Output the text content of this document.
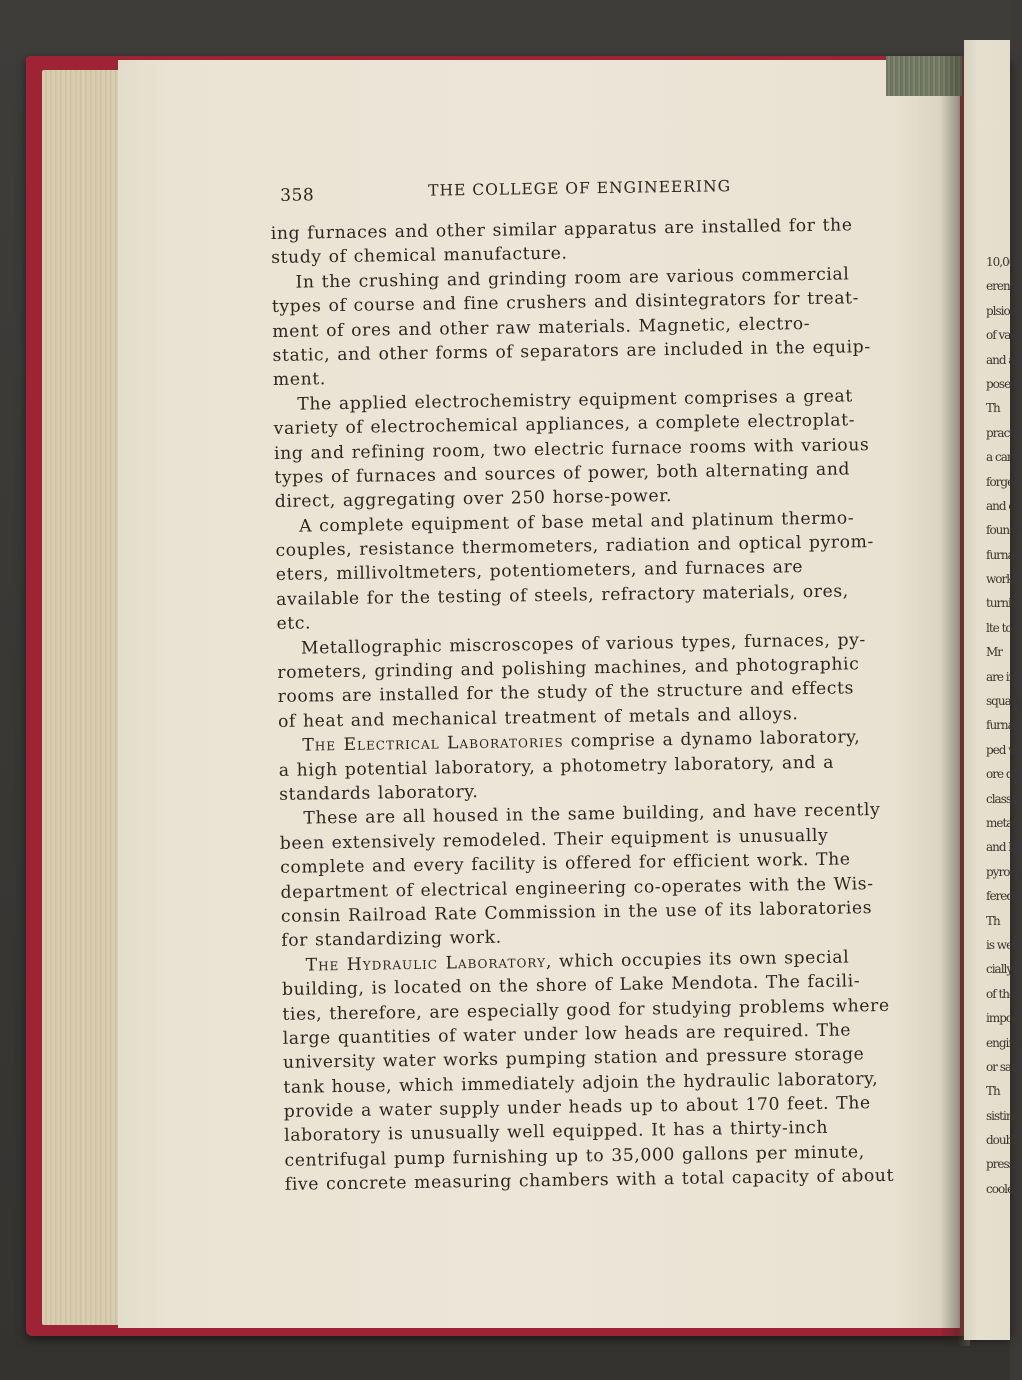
10,00
erent
plsion
of var
and a
poses.
Th
practi
a carp
forge
and e
foundr
furna
work
turnin
lte to
Mr
are in
square
furna
ped w
ore di
classi
metall
and li
pyrom
fered
Th
is wel
cially
of the
impor
engine
or sat
Th
sisting
doubl
press
cooler
358	THE COLLEGE OF ENGINEERING
ing furnaces and other similar apparatus are installed for the
study of chemical manufacture.
In the crushing and grinding room are various commercial
types of course and fine crushers and disintegrators for treat-
ment of ores and other raw materials. Magnetic, electro-
static, and other forms of separators are included in the equip-
ment.
The applied electrochemistry equipment comprises a great
variety of electrochemical appliances, a complete electroplat-
ing and refining room, two electric furnace rooms with various
types of furnaces and sources of power, both alternating and
direct, aggregating over 250 horse-power.
A complete equipment of base metal and platinum thermo-
couples, resistance thermometers, radiation and optical pyrom-
eters, millivoltmeters, potentiometers, and furnaces are
available for the testing of steels, refractory materials, ores,
etc.
Metallographic miscroscopes of various types, furnaces, py-
rometers, grinding and polishing machines, and photographic
rooms are installed for the study of the structure and effects
of heat and mechanical treatment of metals and alloys.
The Electrical Laboratories comprise a dynamo laboratory,
a high potential laboratory, a photometry laboratory, and a
standards laboratory.
These are all housed in the same building, and have recently
been extensively remodeled. Their equipment is unusually
complete and every facility is offered for efficient work. The
department of electrical engineering co-operates with the Wis-
consin Railroad Rate Commission in the use of its laboratories
for standardizing work.
The Hydraulic Laboratory, which occupies its own special
building, is located on the shore of Lake Mendota. The facili-
ties, therefore, are especially good for studying problems where
large quantities of water under low heads are required. The
university water works pumping station and pressure storage
tank house, which immediately adjoin the hydraulic laboratory,
provide a water supply under heads up to about 170 feet. The
laboratory is unusually well equipped. It has a thirty-inch
centrifugal pump furnishing up to 35,000 gallons per minute,
five concrete measuring chambers with a total capacity of about
